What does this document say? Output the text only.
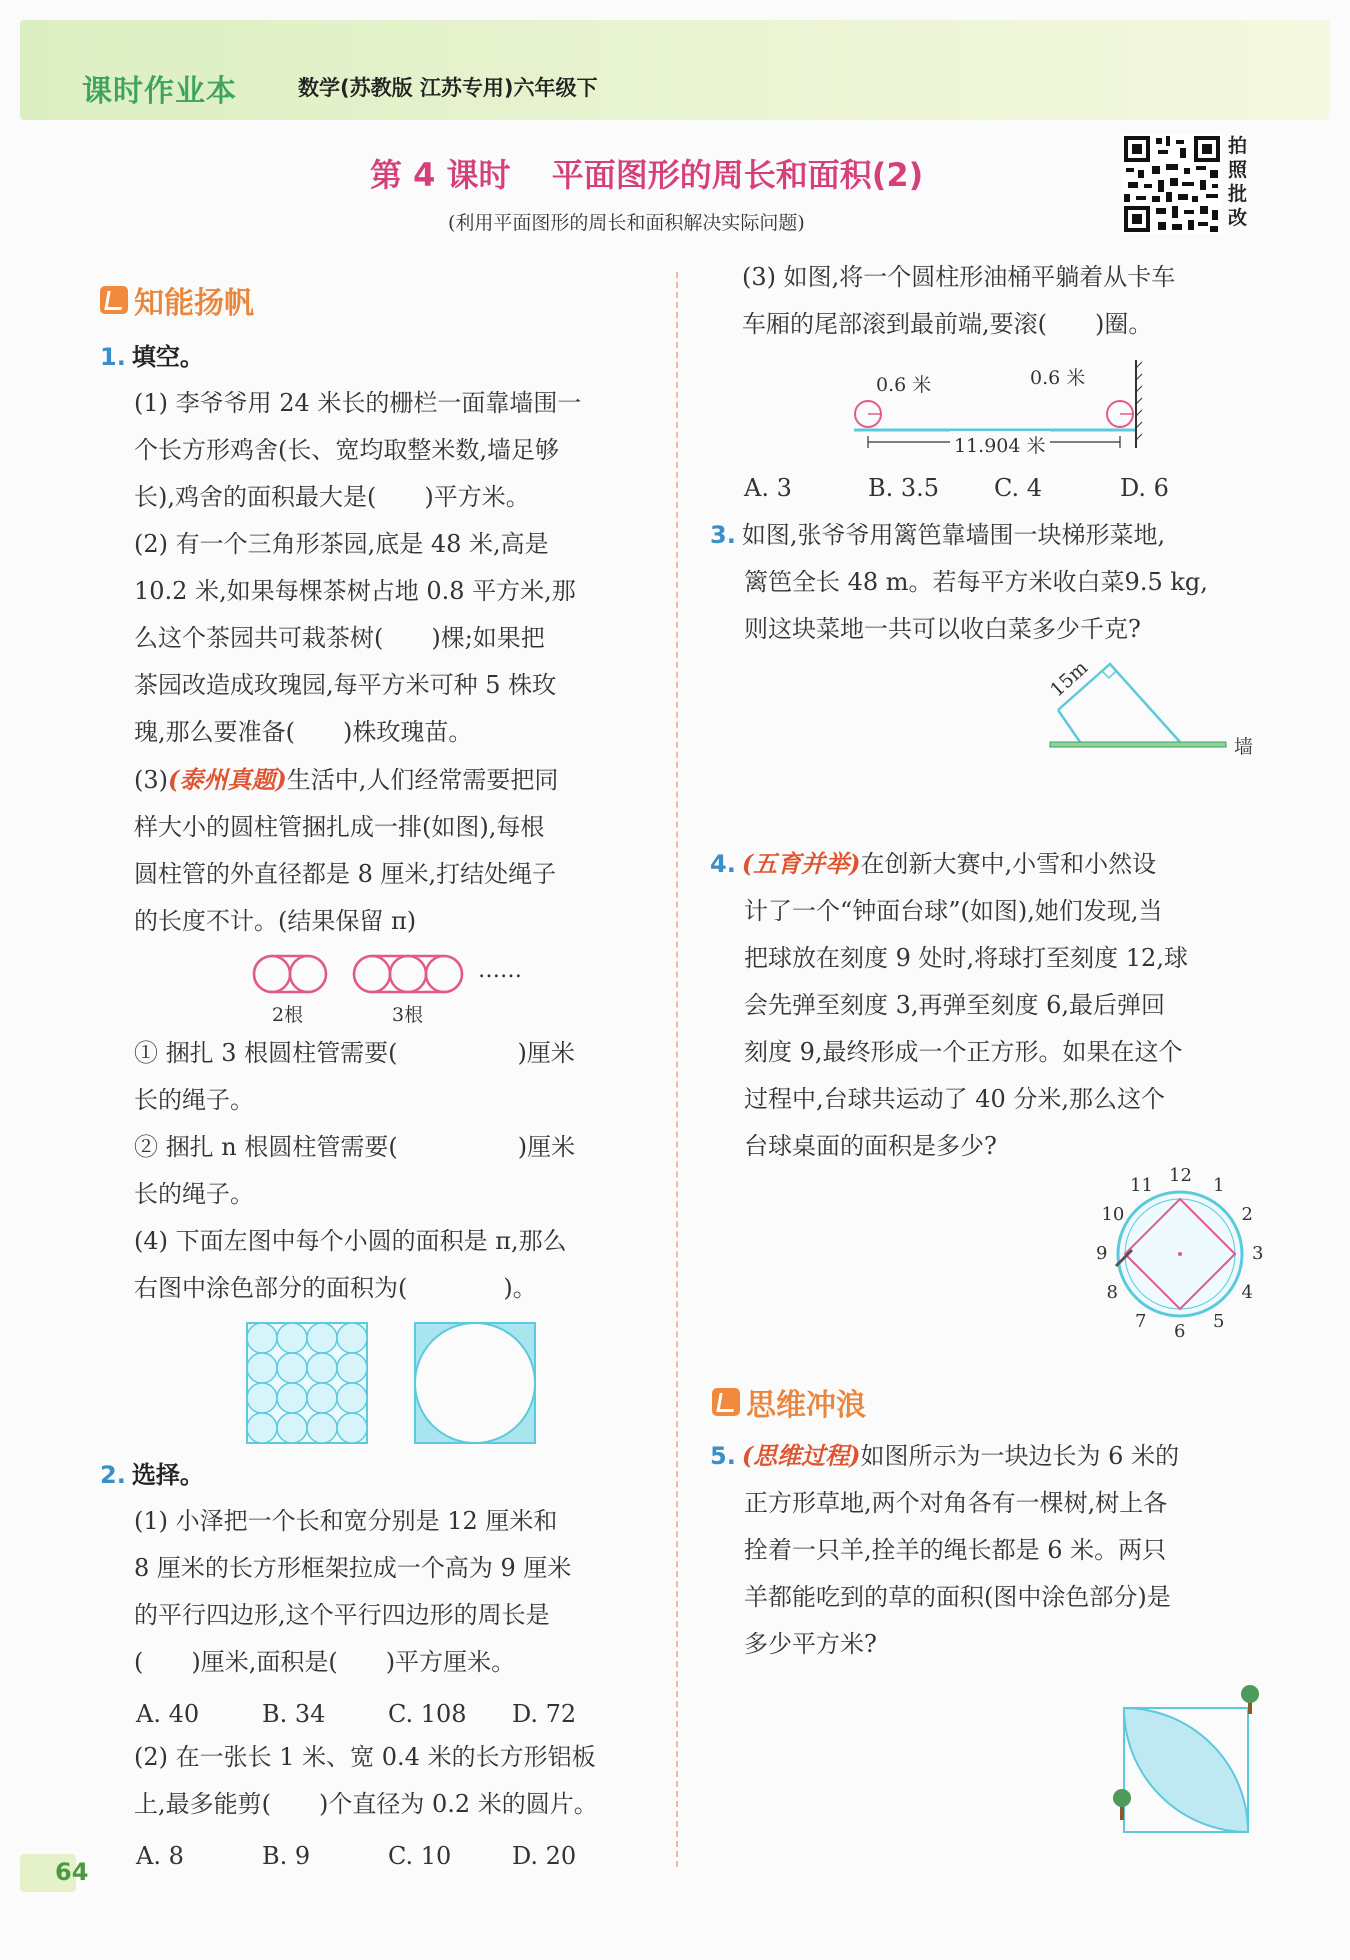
课时作业本	数学(苏教版 江苏专用)六年级下
第 4 课时 平面图形的周长和面积(2)
(利用平面图形的周长和面积解决实际问题)
拍
照
批
改
知能扬帆
1. 填空。
(1) 李爷爷用 24 米长的栅栏一面靠墙围一
个长方形鸡舍(长、宽均取整米数,墙足够
长),鸡舍的面积最大是(　　)平方米。
(2) 有一个三角形茶园,底是 48 米,高是
10.2 米,如果每棵茶树占地 0.8 平方米,那
么这个茶园共可栽茶树(　　)棵;如果把
茶园改造成玫瑰园,每平方米可种 5 株玫
瑰,那么要准备(　　)株玫瑰苗。
(3)(泰州真题)生活中,人们经常需要把同
样大小的圆柱管捆扎成一排(如图),每根
圆柱管的外直径都是 8 厘米,打结处绳子
的长度不计。(结果保留 π)
2根	3根
……
① 捆扎 3 根圆柱管需要(　　　　　)厘米
长的绳子。
② 捆扎 n 根圆柱管需要(　　　　　)厘米
长的绳子。
(4) 下面左图中每个小圆的面积是 π,那么
右图中涂色部分的面积为(　　　　)。
2. 选择。
(1) 小泽把一个长和宽分别是 12 厘米和
8 厘米的长方形框架拉成一个高为 9 厘米
的平行四边形,这个平行四边形的周长是
(　　)厘米,面积是(　　)平方厘米。
A. 40	B. 34	C. 108 D. 72
(2) 在一张长 1 米、宽 0.4 米的长方形铝板
上,最多能剪(　　)个直径为 0.2 米的圆片。
A. 8	B. 9	C. 10	D. 20
(3) 如图,将一个圆柱形油桶平躺着从卡车
车厢的尾部滚到最前端,要滚(　　)圈。
0.6 米	0.6 米
11.904 米
A. 3	B. 3.5 C. 4	D. 6
3. 如图,张爷爷用篱笆靠墙围一块梯形菜地,
篱笆全长 48 m。若每平方米收白菜9.5 kg,
则这块菜地一共可以收白菜多少千克?
15m
墙
4. (五育并举)在创新大赛中,小雪和小然设
计了一个“钟面台球”(如图),她们发现,当
把球放在刻度 9 处时,将球打至刻度 12,球
会先弹至刻度 3,再弹至刻度 6,最后弹回
刻度 9,最终形成一个正方形。如果在这个
过程中,台球共运动了 40 分米,那么这个
台球桌面的面积是多少?
12 1
2
3
4
5
6
7
8
9
10
11
思维冲浪
5. (思维过程)如图所示为一块边长为 6 米的
正方形草地,两个对角各有一棵树,树上各
拴着一只羊,拴羊的绳长都是 6 米。两只
羊都能吃到的草的面积(图中涂色部分)是
多少平方米?
64
